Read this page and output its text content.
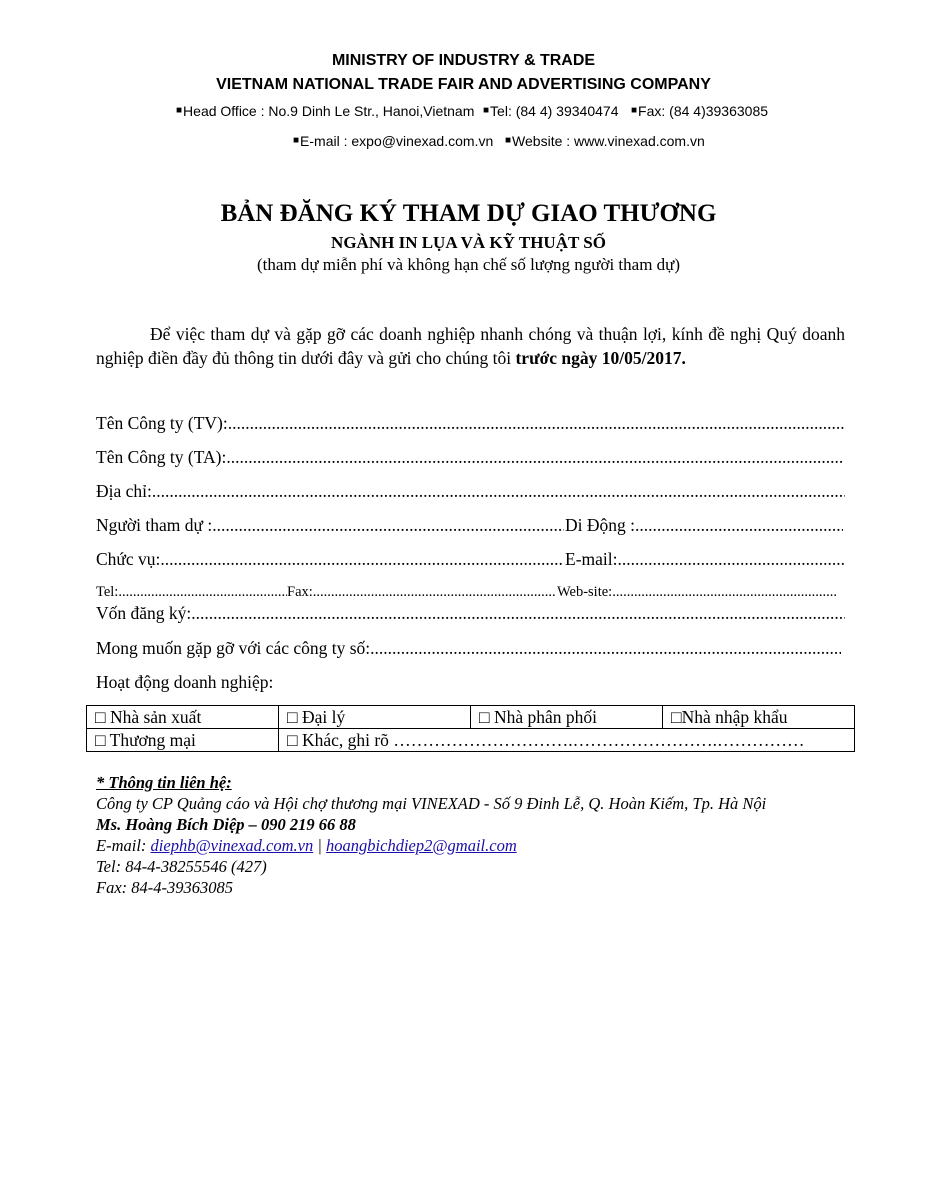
MINISTRY OF INDUSTRY & TRADE
VIETNAM NATIONAL TRADE FAIR AND ADVERTISING COMPANY
■Head Office : No.9 Dinh Le Str., Hanoi,Vietnam ■Tel: (84 4) 39340474 ■Fax: (84 4)39363085
■E-mail : expo@vinexad.com.vn ■Website : www.vinexad.com.vn
BẢN ĐĂNG KÝ THAM DỰ GIAO THƯƠNG
NGÀNH IN LỤA VÀ KỸ THUẬT SỐ
(tham dự miễn phí và không hạn chế số lượng người tham dự)

Để việc tham dự và gặp gỡ các doanh nghiệp nhanh chóng và thuận lợi, kính đề nghị Quý doanh nghiệp điền đầy đủ thông tin dưới đây và gửi cho chúng tôi trước ngày 10/05/2017.

Tên Công ty (TV):
.....
Tên Công ty (TA):
.....
Địa chỉ:
.....
Người tham dự : .....	Di Động :
.....
Chức vụ: .....	E-mail:
.....
Tel: .....	Fax: .....	Web-site:
.....
Vốn đăng ký:
.....
Mong muốn gặp gỡ với các công ty số:
.....
Hoạt động doanh nghiệp:
□ Nhà sản xuất	□ Đại lý	□ Nhà phân phối	□Nhà nhập khẩu
□ Thương mại	□ Khác, ghi rõ ………………………….…………………….……………		
* Thông tin liên hệ:
Công ty CP Quảng cáo và Hội chợ thương mại VINEXAD - Số 9 Đinh Lễ, Q. Hoàn Kiếm, Tp. Hà Nội
Ms. Hoàng Bích Diệp – 090 219 66 88
E-mail: diephb@vinexad.com.vn | hoangbichdiep2@gmail.com
Tel: 84-4-38255546 (427)
Fax: 84-4-39363085
